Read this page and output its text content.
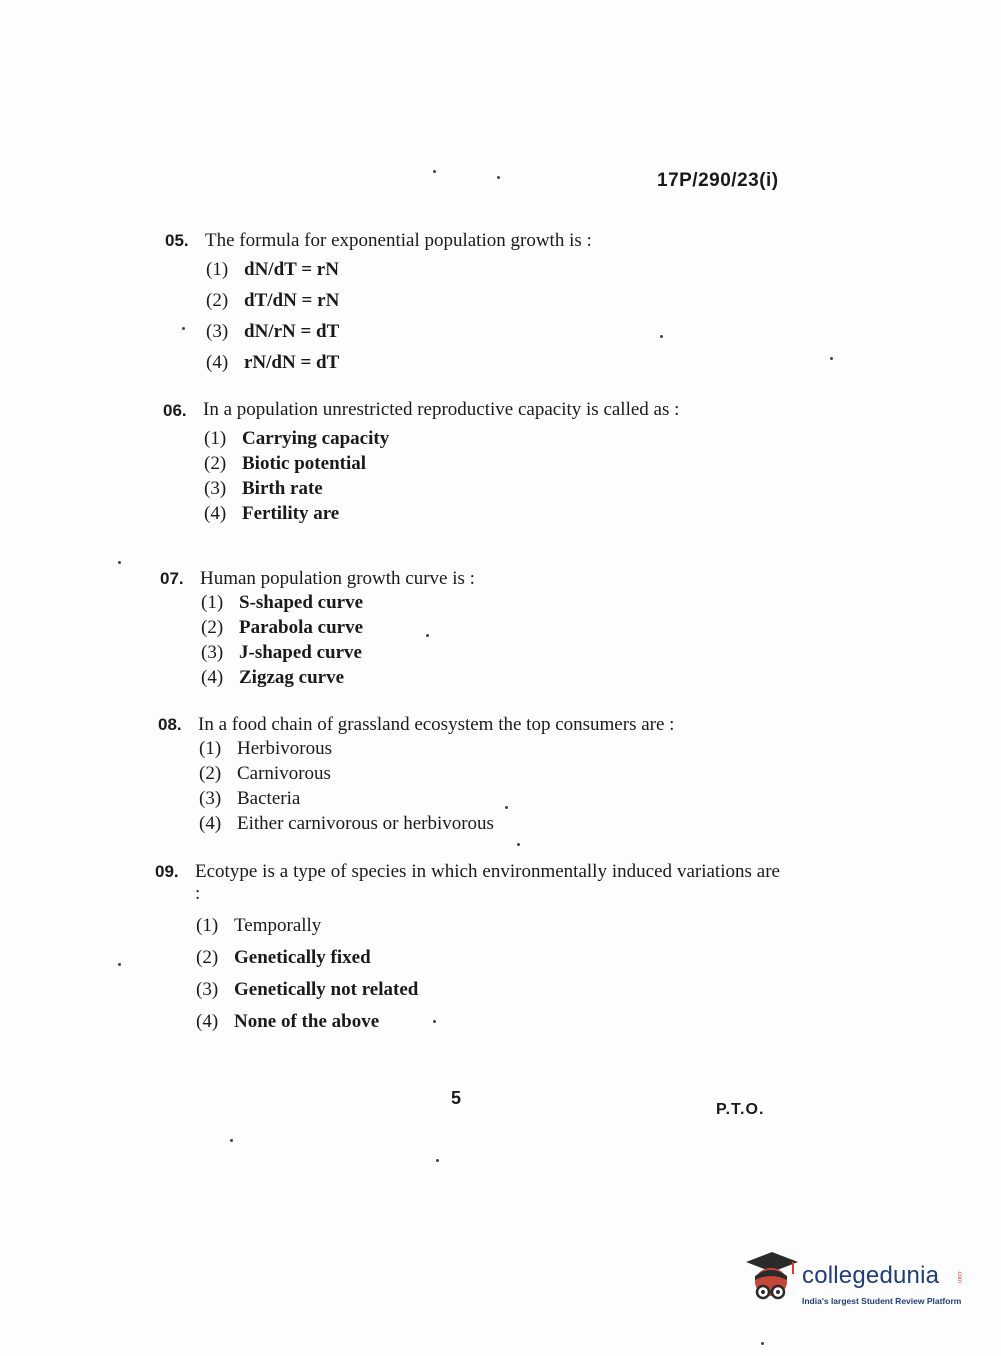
17P/290/23(i)
05. The formula for exponential population growth is :
(1) dN/dT = rN
(2) dT/dN = rN
(3) dN/rN = dT
(4) rN/dN = dT
06. In a population unrestricted reproductive capacity is called as :
(1) Carrying capacity
(2) Biotic potential
(3) Birth rate
(4) Fertility are
07. Human population growth curve is :
(1) S-shaped curve
(2) Parabola curve
(3) J-shaped curve
(4) Zigzag curve
08. In a food chain of grassland ecosystem the top consumers are :
(1) Herbivorous
(2) Carnivorous
(3) Bacteria
(4) Either carnivorous or herbivorous
09. Ecotype is a type of species in which environmentally induced variations are :
(1) Temporally
(2) Genetically fixed
(3) Genetically not related
(4) None of the above
5
P.T.O.
collegedunia	.com
India's largest Student Review Platform
